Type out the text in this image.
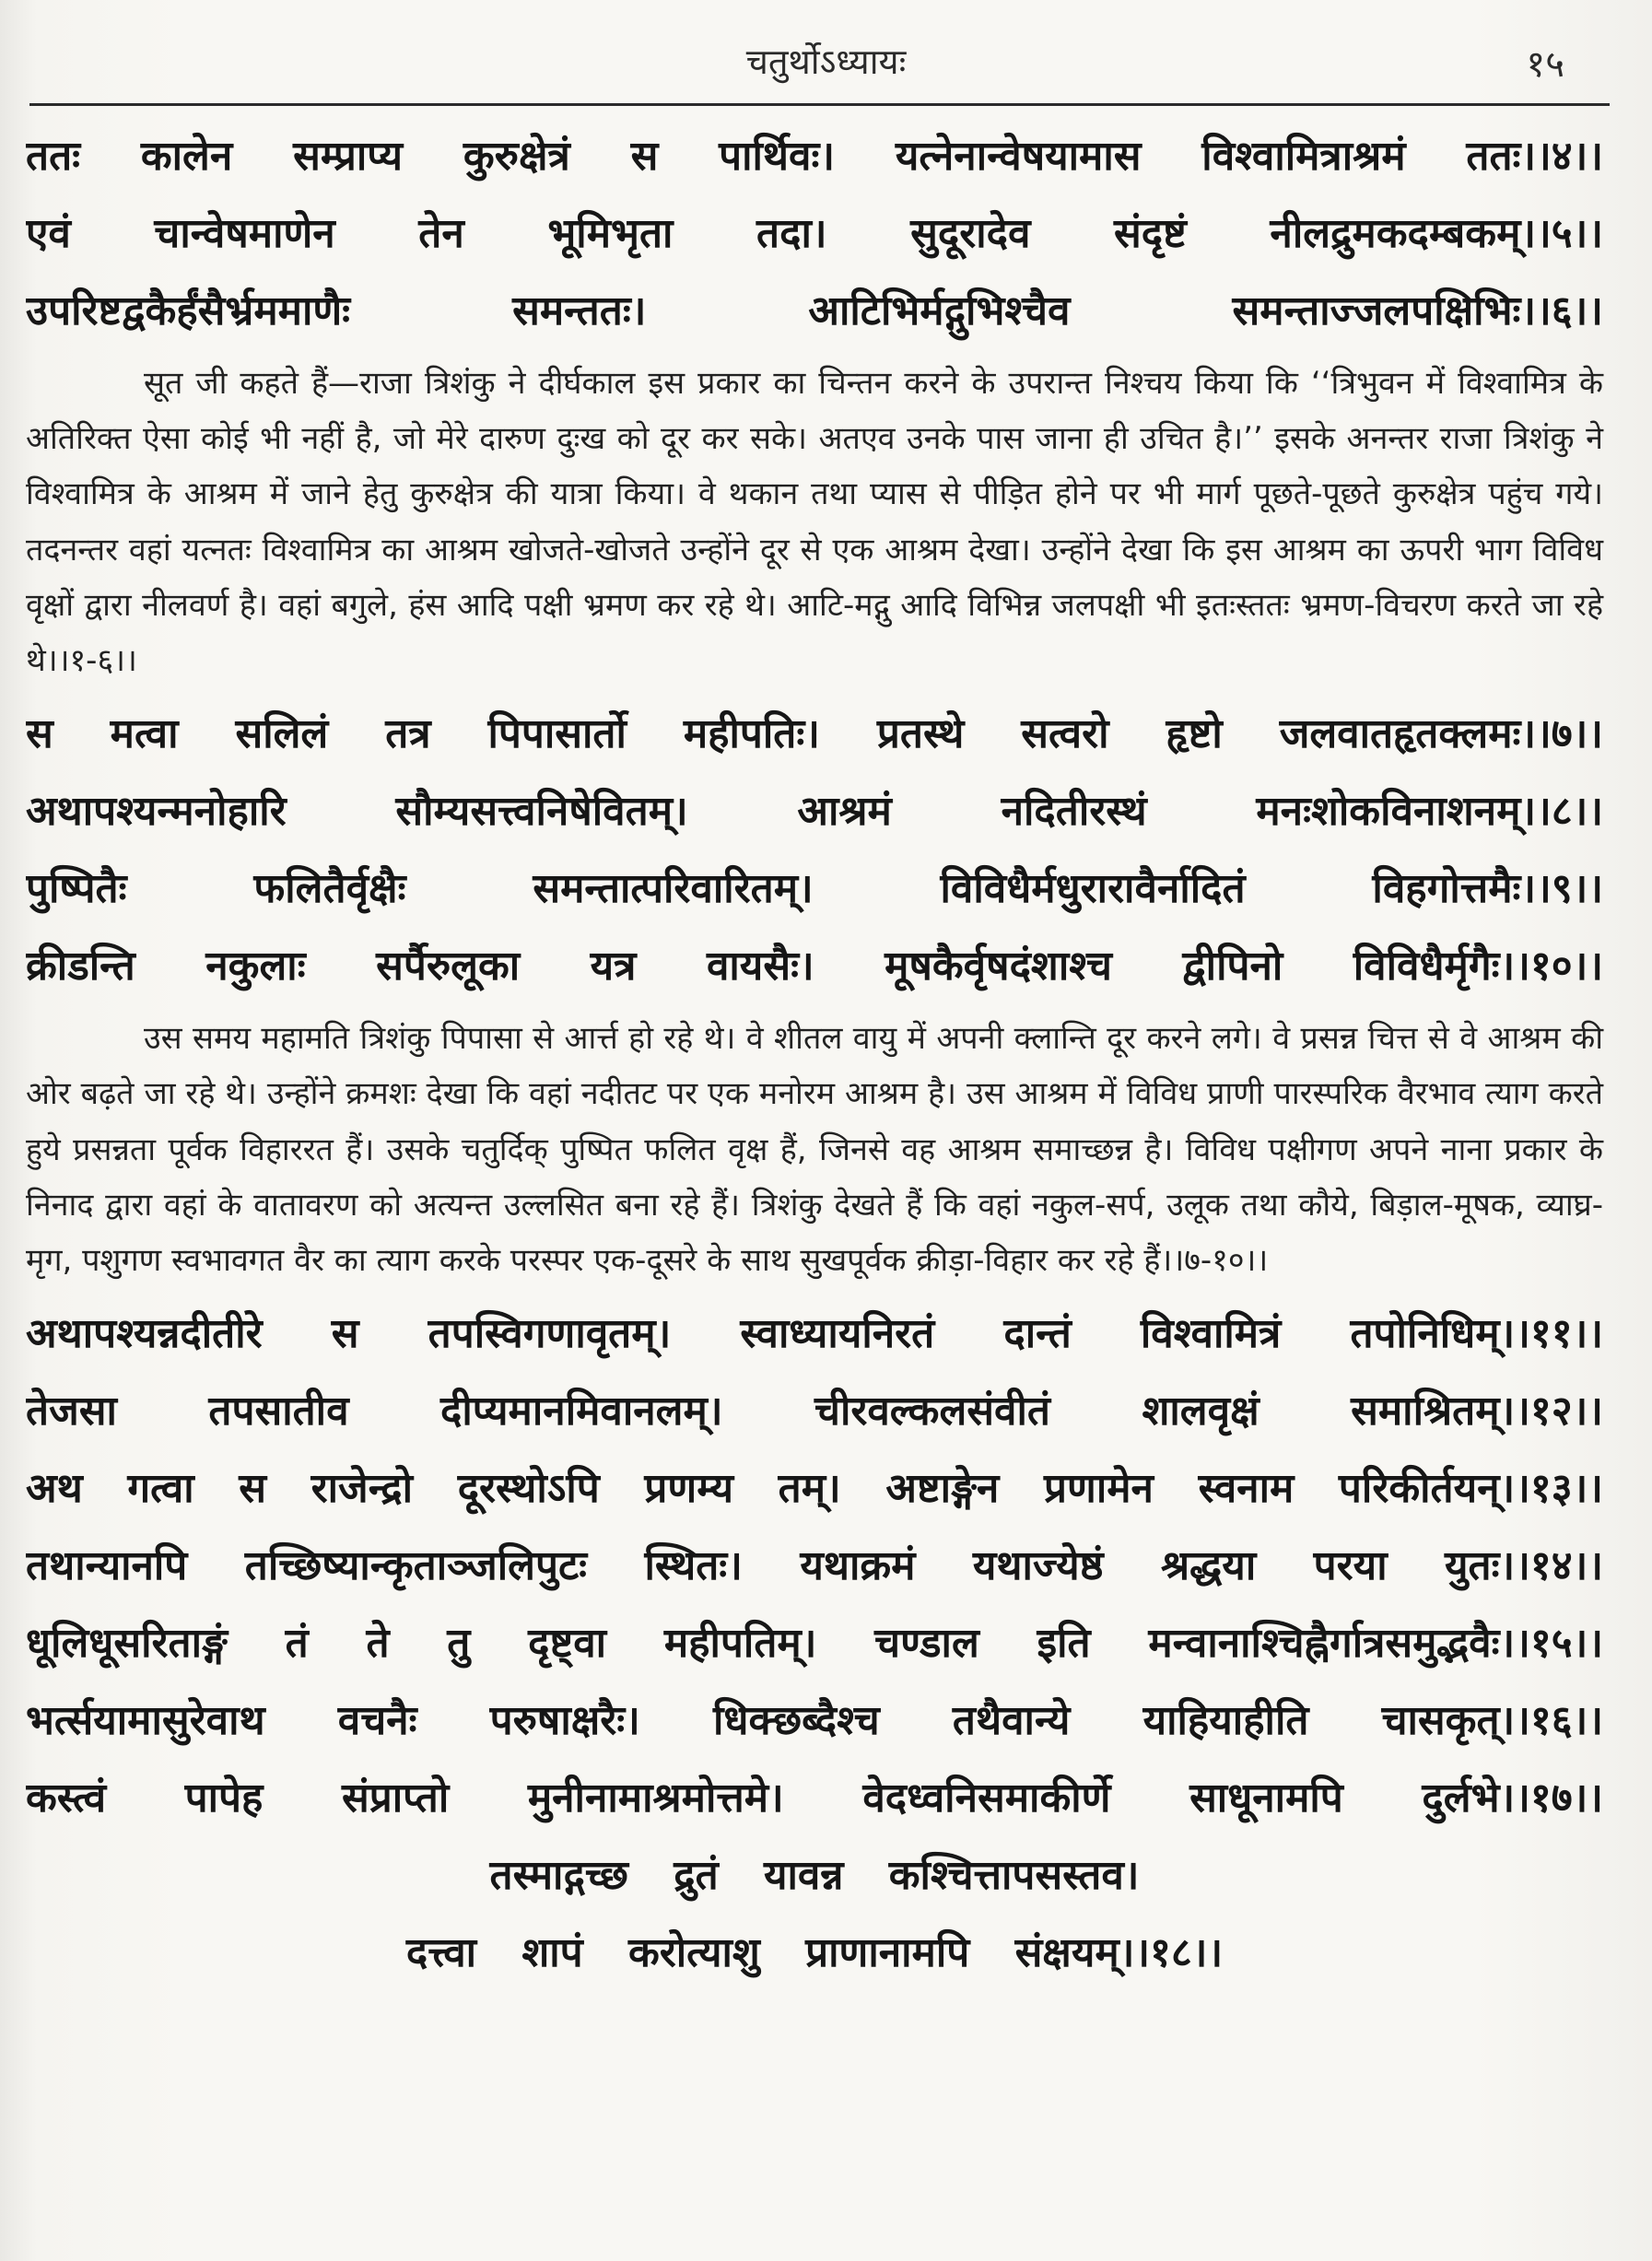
चतुर्थोऽध्यायः	१५
ततः कालेन सम्प्राप्य कुरुक्षेत्रं स पार्थिवः। यत्नेनान्वेषयामास विश्वामित्राश्रमं ततः।।४।।
एवं चान्वेषमाणेन तेन भूमिभृता तदा। सुदूरादेव संदृष्टं नीलद्रुमकदम्बकम्।।५।।
उपरिष्टद्वकैर्हंसैर्भ्रममाणैः समन्ततः। आटिभिर्मद्गुभिश्चैव समन्ताज्जलपक्षिभिः।।६।।
सूत जी कहते हैं—राजा त्रिशंकु ने दीर्घकाल इस प्रकार का चिन्तन करने के उपरान्त निश्चय किया कि ‘‘त्रिभुवन में विश्वामित्र के अतिरिक्त ऐसा कोई भी नहीं है, जो मेरे दारुण दुःख को दूर कर सके। अतएव उनके पास जाना ही उचित है।’’ इसके अनन्तर राजा त्रिशंकु ने विश्वामित्र के आश्रम में जाने हेतु कुरुक्षेत्र की यात्रा किया। वे थकान तथा प्यास से पीड़ित होने पर भी मार्ग पूछते-पूछते कुरुक्षेत्र पहुंच गये। तदनन्तर वहां यत्नतः विश्वामित्र का आश्रम खोजते-खोजते उन्होंने दूर से एक आश्रम देखा। उन्होंने देखा कि इस आश्रम का ऊपरी भाग विविध वृक्षों द्वारा नीलवर्ण है। वहां बगुले, हंस आदि पक्षी भ्रमण कर रहे थे। आटि-मद्गु आदि विभिन्न जलपक्षी भी इतःस्ततः भ्रमण-विचरण करते जा रहे थे।।१-६।।
स मत्वा सलिलं तत्र पिपासार्तो महीपतिः। प्रतस्थे सत्वरो हृष्टो जलवातहृतक्लमः।।७।।
अथापश्यन्मनोहारि सौम्यसत्त्वनिषेवितम्। आश्रमं नदितीरस्थं मनःशोकविनाशनम्।।८।।
पुष्पितैः फलितैर्वृक्षैः समन्तात्परिवारितम्। विविधैर्मधुरारावैर्नादितं विहगोत्तमैः।।९।।
क्रीडन्ति नकुलाः सर्पैरुलूका यत्र वायसैः। मूषकैर्वृषदंशाश्च द्वीपिनो विविधैर्मृगैः।।१०।।
उस समय महामति त्रिशंकु पिपासा से आर्त्त हो रहे थे। वे शीतल वायु में अपनी क्लान्ति दूर करने लगे। वे प्रसन्न चित्त से वे आश्रम की ओर बढ़ते जा रहे थे। उन्होंने क्रमशः देखा कि वहां नदीतट पर एक मनोरम आश्रम है। उस आश्रम में विविध प्राणी पारस्परिक वैरभाव त्याग करते हुये प्रसन्नता पूर्वक विहाररत हैं। उसके चतुर्दिक् पुष्पित फलित वृक्ष हैं, जिनसे वह आश्रम समाच्छन्न है। विविध पक्षीगण अपने नाना प्रकार के निनाद द्वारा वहां के वातावरण को अत्यन्त उल्लसित बना रहे हैं। त्रिशंकु देखते हैं कि वहां नकुल-सर्प, उलूक तथा कौये, बिड़ाल-मूषक, व्याघ्र-मृग, पशुगण स्वभावगत वैर का त्याग करके परस्पर एक-दूसरे के साथ सुखपूर्वक क्रीड़ा-विहार कर रहे हैं।।७-१०।।
अथापश्यन्नदीतीरे स तपस्विगणावृतम्। स्वाध्यायनिरतं दान्तं विश्वामित्रं तपोनिधिम्।।११।।
तेजसा तपसातीव दीप्यमानमिवानलम्। चीरवल्कलसंवीतं शालवृक्षं समाश्रितम्।।१२।।
अथ गत्वा स राजेन्द्रो दूरस्थोऽपि प्रणम्य तम्। अष्टाङ्गेन प्रणामेन स्वनाम परिकीर्तयन्।।१३।।
तथान्यानपि तच्छिष्यान्कृताञ्जलिपुटः स्थितः। यथाक्रमं यथाज्येष्ठं श्रद्धया परया युतः।।१४।।
धूलिधूसरिताङ्गं तं ते तु दृष्ट्वा महीपतिम्। चण्डाल इति मन्वानाश्चिह्नैर्गात्रसमुद्भवैः।।१५।।
भर्त्सयामासुरेवाथ वचनैः परुषाक्षरैः। धिक्छब्दैश्च तथैवान्ये याहियाहीति चासकृत्।।१६।।
कस्त्वं पापेह संप्राप्तो मुनीनामाश्रमोत्तमे। वेदध्वनिसमाकीर्णे साधूनामपि दुर्लभे।।१७।।
तस्माद्गच्छ द्रुतं यावन्न कश्चित्तापसस्तव।
दत्त्वा शापं करोत्याशु प्राणानामपि संक्षयम्।।१८।।
